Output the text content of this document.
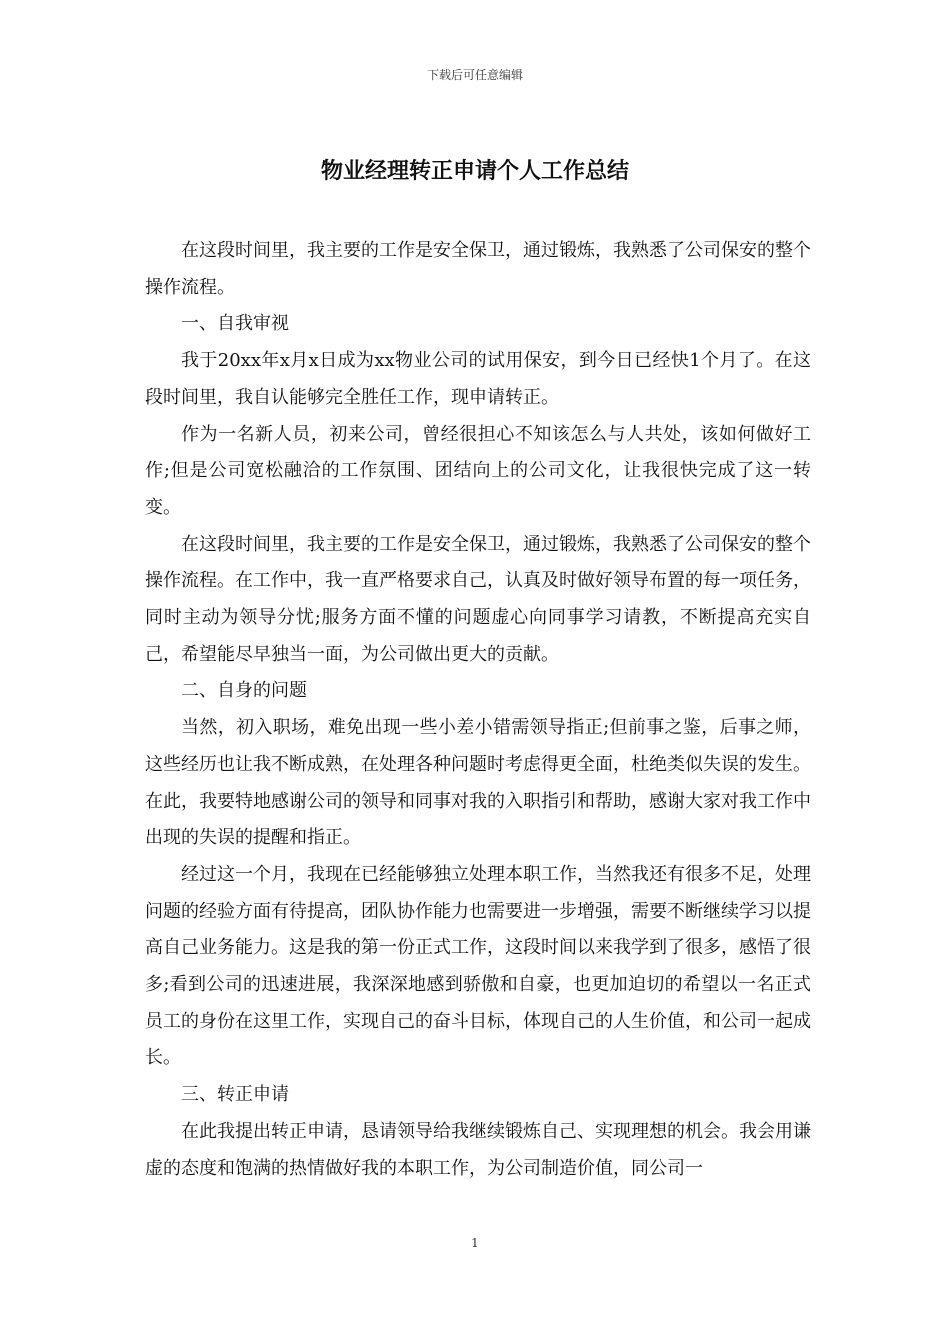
下载后可任意编辑
物业经理转正申请个人工作总结

在这段时间里，我主要的工作是安全保卫，通过锻炼，我熟悉了公司保安的整个操作流程。

一、自我审视

我于20xx年x月x日成为xx物业公司的试用保安，到今日已经快1个月了。在这段时间里，我自认能够完全胜任工作，现申请转正。

作为一名新人员，初来公司，曾经很担心不知该怎么与人共处，该如何做好工作;但是公司宽松融洽的工作氛围、团结向上的公司文化，让我很快完成了这一转变。

在这段时间里，我主要的工作是安全保卫，通过锻炼，我熟悉了公司保安的整个操作流程。在工作中，我一直严格要求自己，认真及时做好领导布置的每一项任务，同时主动为领导分忧;服务方面不懂的问题虚心向同事学习请教，不断提高充实自己，希望能尽早独当一面，为公司做出更大的贡献。

二、自身的问题

当然，初入职场，难免出现一些小差小错需领导指正;但前事之鉴，后事之师，这些经历也让我不断成熟，在处理各种问题时考虑得更全面，杜绝类似失误的发生。在此，我要特地感谢公司的领导和同事对我的入职指引和帮助，感谢大家对我工作中出现的失误的提醒和指正。

经过这一个月，我现在已经能够独立处理本职工作，当然我还有很多不足，处理问题的经验方面有待提高，团队协作能力也需要进一步增强，需要不断继续学习以提高自己业务能力。这是我的第一份正式工作，这段时间以来我学到了很多，感悟了很多;看到公司的迅速进展，我深深地感到骄傲和自豪，也更加迫切的希望以一名正式员工的身份在这里工作，实现自己的奋斗目标，体现自己的人生价值，和公司一起成长。

三、转正申请

在此我提出转正申请，恳请领导给我继续锻炼自己、实现理想的机会。我会用谦虚的态度和饱满的热情做好我的本职工作，为公司制造价值，同公司一

1
